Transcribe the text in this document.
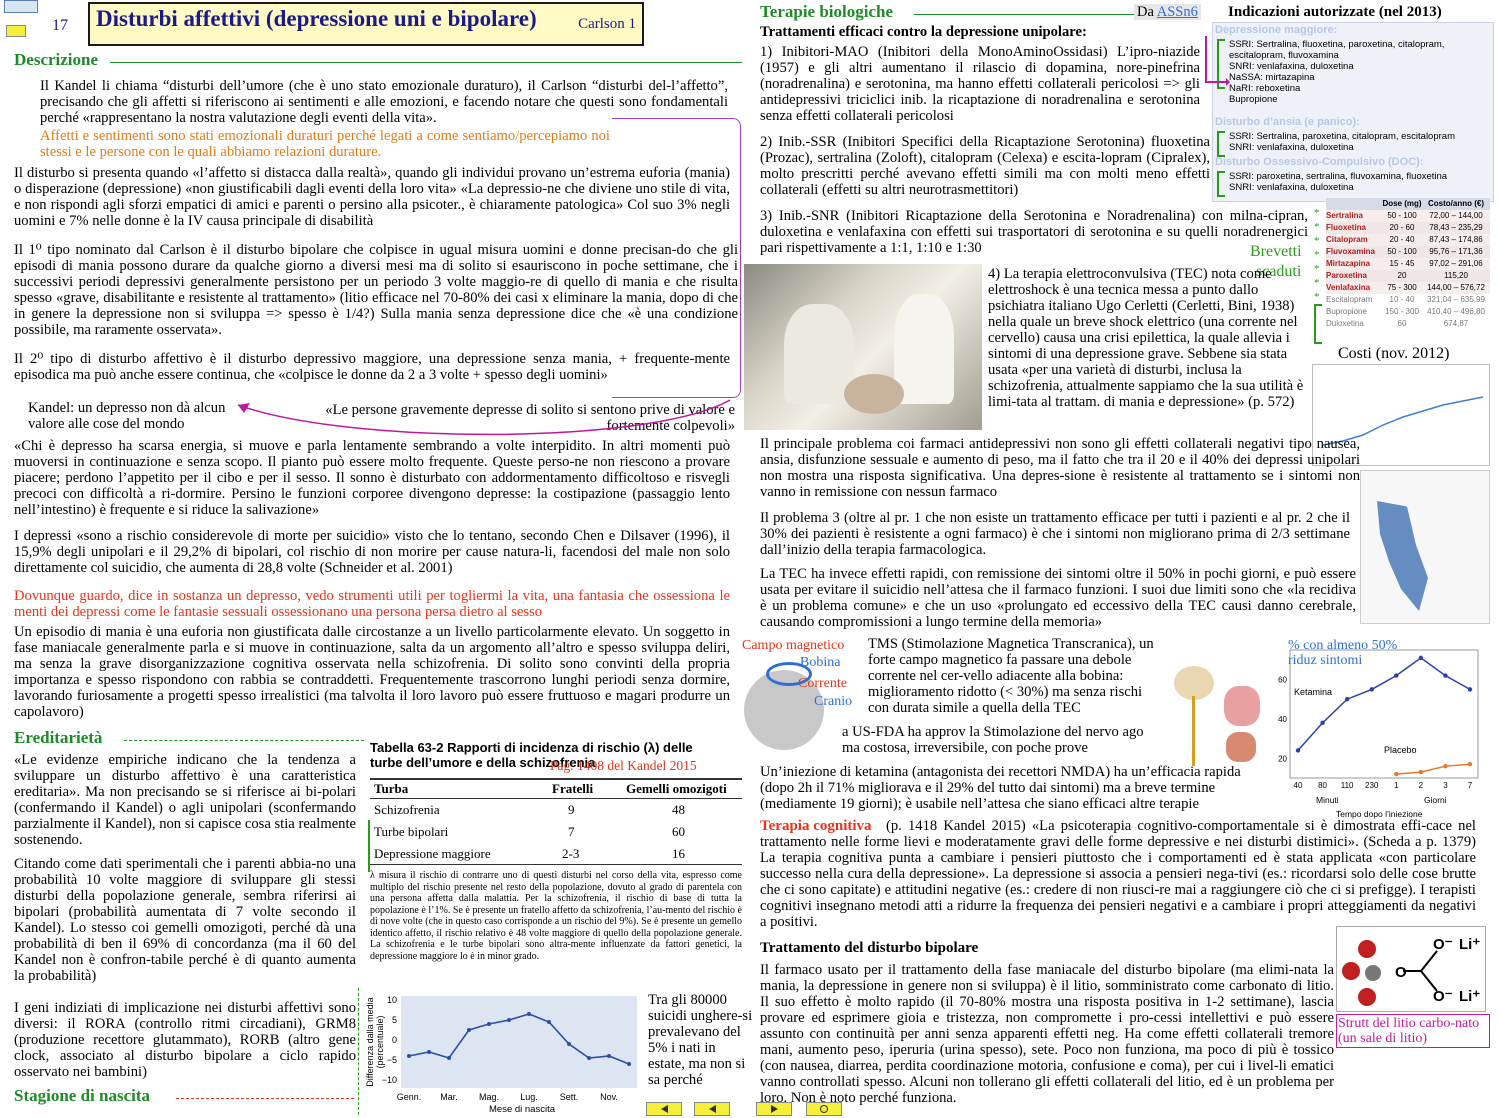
17 Disturbi affettivi (depressione uni e bipolare)	Carlson 1
Descrizione

Il Kandel li chiama “disturbi dell’umore (che è uno stato emozionale duraturo), il Carlson “disturbi del-l’affetto”, precisando che gli affetti si riferiscono ai sentimenti e alle emozioni, e facendo notare che questi sono fondamentali perché «rappresentano la nostra valutazione degli eventi della vita».

Affetti e sentimenti sono stati emozionali duraturi perché legati a come sentiamo/percepiamo noi stessi e le persone con le quali abbiamo relazioni durature.

Il disturbo si presenta quando «l’affetto si distacca dalla realtà», quando gli individui provano un’estrema euforia (mania) o disperazione (depressione) «non giustificabili dagli eventi della loro vita» «La depressio-ne che diviene uno stile di vita, e non rispondi agli sforzi empatici di amici e parenti o persino alla psicoter., è chiaramente patologica» Col suo 3% negli uomini e 7% nelle donne è la IV causa principale di disabilità

Il 1⁰ tipo nominato dal Carlson è il disturbo bipolare che colpisce in ugual misura uomini e donne precisan-do che gli episodi di mania possono durare da qualche giorno a diversi mesi ma di solito si esauriscono in poche settimane, che i successivi periodi depressivi generalmente persistono per un periodo 3 volte maggio-re di quello di mania e che risulta spesso «grave, disabilitante e resistente al trattamento» (litio efficace nel 70-80% dei casi x eliminare la mania, dopo di che in genere la depressione non si sviluppa => spesso è 1/4?) Sulla mania senza depressione dice che «è una condizione possibile, ma raramente osservata».

Il 2⁰ tipo di disturbo affettivo è il disturbo depressivo maggiore, una depressione senza mania, + frequente-mente episodica ma può anche essere continua, che «colpisce le donne da 2 a 3 volte + spesso degli uomini»

Kandel: un depresso non dà alcun valore alle cose del mondo
«Le persone gravemente depresse di solito si sentono prive di valore e fortemente colpevoli»

«Chi è depresso ha scarsa energia, si muove e parla lentamente sembrando a volte interpidito. In altri momenti può muoversi in continuazione e senza scopo. Il pianto può essere molto frequente. Queste perso-ne non riescono a provare piacere; perdono l’appetito per il cibo e per il sesso. Il sonno è disturbato con addormentamento difficoltoso e risvegli precoci con difficoltà a ri-dormire. Persino le funzioni corporee divengono depresse: la costipazione (passaggio lento nell’intestino) è frequente e si riduce la salivazione»

I depressi «sono a rischio considerevole di morte per suicidio» visto che lo tentano, secondo Chen e Dilsaver (1996), il 15,9% degli unipolari e il 29,2% di bipolari, col rischio di non morire per cause natura-li, facendosi del male non solo direttamente col suicidio, che aumenta di 28,8 volte (Schneider et al. 2001)

Dovunque guardo, dice in sostanza un depresso, vedo strumenti utili per togliermi la vita, una fantasia che ossessiona le menti dei depressi come le fantasie sessuali ossessionano una persona persa dietro al sesso

Un episodio di mania è una euforia non giustificata dalle circostanze a un livello particolarmente elevato. Un soggetto in fase maniacale generalmente parla e si muove in continuazione, salta da un argomento all’altro e spesso sviluppa deliri, ma senza la grave disorganizzazione cognitiva osservata nella schizofrenia. Di solito sono convinti della propria importanza e spesso rispondono con rabbia se contraddetti. Frequentemente trascorrono lunghi periodi senza dormire, lavorando furiosamente a progetti spesso irrealistici (ma talvolta il loro lavoro può essere fruttuoso e magari produrre un capolavoro)

Ereditarietà

«Le evidenze empiriche indicano che la tendenza a sviluppare un disturbo affettivo è una caratteristica ereditaria». Ma non precisando se si riferisce ai bi-polari (confermando il Kandel) o agli unipolari (sconfermando parzialmente il Kandel), non si capisce cosa stia realmente sostenendo.

Citando come dati sperimentali che i parenti abbia-no una probabilità 10 volte maggiore di sviluppare gli stessi disturbi della popolazione generale, sembra riferirsi ai bipolari (probabilità aumentata di 7 volte secondo il Kandel). Lo stesso coi gemelli omozigoti, perché dà una probabilità di ben il 69% di concordanza (ma il 60 del Kandel non è confron-tabile perché è di quanto aumenta la probabilità)

I geni indiziati di implicazione nei disturbi affettivi sono diversi: il RORA (controllo ritmi circadiani), GRM8 (produzione recettore glutammato), RORB (altro gene clock, associato al disturbo bipolare a ciclo rapido osservato nei bambini)

Stagione di nascita
Tabella 63-2 Rapporti di incidenza di rischio (λ) delle turbe dell’umore e della schizofrenia
Pag. 1408 del Kandel 2015
Turba	Fratelli	Gemelli omozigoti
Schizofrenia	9	48
Turbe bipolari	7	60
Depressione maggiore	2-3	16
λ misura il rischio di contrarre uno di questi disturbi nel corso della vita, espresso come multiplo del rischio presente nel resto della popolazione, dovuto al grado di parentela con una persona affetta dalla malattia. Per la schizofrenia, il rischio di base di tutta la popolazione è l’1%. Se è presente un fratello affetto da schizofrenia, l’au-mento del rischio è di nove volte (che in questo caso corrisponde a un rischio del 9%). Se è presente un gemello identico affetto, il rischio relativo è 48 volte maggiore di quello della popolazione generale. La schizofrenia e le turbe bipolari sono altra-mente influenzate da fattori genetici, la depressione maggiore lo è in minor grado.
Differenza dalla media (percentuale)
10
5
0
−5
−10
Genn. Mar. Mag. Lug. Sett. Nov.
Mese di nascita

Tra gli 80000 suicidi unghere-si prevalevano del 5% i nati in estate, ma non si sa perché

Terapie biologiche	Da ASSn6 Indicazioni autorizzate (nel 2013)

Trattamenti efficaci contro la depressione unipolare:

1) Inibitori-MAO (Inibitori della MonoAminoOssidasi) L’ipro-niazide (1957) e gli altri aumentano il rilascio di dopamina, nore-pinefrina (noradrenalina) e serotonina, ma hanno effetti collaterali pericolosi => gli antidepressivi triciclici inib. la ricaptazione di noradrenalina e serotonina senza effetti collaterali pericolosi

2) Inib.-SSR (Inibitori Specifici della Ricaptazione Serotonina) fluoxetina (Prozac), sertralina (Zoloft), citalopram (Celexa) e escita-lopram (Cipralex), molto prescritti perché avevano effetti simili ma con molti meno effetti collaterali (effetti su altri neurotrasmettitori)

3) Inib.-SNR (Inibitori Ricaptazione della Serotonina e Noradrenalina) con milna-cipran, duloxetina e venlafaxina con effetti sui trasportatori di serotonina e su quelli noradrenergici pari rispettivamente a 1:1, 1:10 e 1:30

Depressione maggiore:
SSRI: Sertralina, fluoxetina, paroxetina, citalopram, escitalopram, fluvoxamina
SNRI: venlafaxina, duloxetina
NaSSA: mirtazapina
NaRI: reboxetina
Bupropione
Disturbo d’ansia (e panico):
SSRI: Sertralina, paroxetina, citalopram, escitalopram
SNRI: venlafaxina, duloxetina
Disturbo Ossessivo-Compulsivo (DOC):
SSRI: paroxetina, sertralina, fluvoxamina, fluoxetina
SNRI: venlafaxina, duloxetina
Dose (mg) Costo/anno (€)
Sertralina	50 - 100	72,00 – 144,00
Fluoxetina	20 - 60	78,43 – 235,29
Citalopram	20 - 40	87,43 – 174,86
Fluvoxamina	50 - 100	95,76 – 171,36
Mirtazapina	15 - 45	97,02 – 291,06
Paroxetina	20	115,20
Venlafaxina	75 - 300	144,00 – 576,72
Escitalopram	10 - 40	321,04 – 635,99
Bupropione	150 - 300	410,40 – 496,80
Duloxetina	60	674,87
*
*
*
*
*
*
*
Brevetti
scaduti
Costi (nov. 2012)

4) La terapia elettroconvulsiva (TEC) nota come elettroshock è una tecnica messa a punto dallo psichiatra italiano Ugo Cerletti (Cerletti, Bini, 1938) nella quale un breve shock elettrico (una corrente nel cervello) causa una crisi epilettica, la quale allevia i sintomi di una depressione grave. Sebbene sia stata usata «per una varietà di disturbi, inclusa la schizofrenia, attualmente sappiamo che la sua utilità è limi-tata al trattam. di mania e depressione» (p. 572)

Il principale problema coi farmaci antidepressivi non sono gli effetti collaterali negativi tipo nausea, ansia, disfunzione sessuale e aumento di peso, ma il fatto che tra il 20 e il 40% dei depressi unipolari non mostra una risposta significativa. Una depres-sione è resistente al trattamento se i sintomi non vanno in remissione con nessun farmaco

Il problema 3 (oltre al pr. 1 che non esiste un trattamento efficace per tutti i pazienti e al pr. 2 che il 30% dei pazienti è resistente a ogni farmaco) è che i sintomi non migliorano prima di 2/3 settimane dall’inizio della terapia farmacologica.

La TEC ha invece effetti rapidi, con remissione dei sintomi oltre il 50% in pochi giorni, e può essere usata per evitare il suicidio nell’attesa che il farmaco funzioni. I suoi due limiti sono che «la recidiva è un problema comune» e che un uso «prolungato ed eccessivo della TEC causi danno cerebrale, causando compromissioni a lungo termine della memoria»

Campo magnetico
Bobina
Corrente
Cranio

TMS (Stimolazione Magnetica Transcranica), un forte campo magnetico fa passare una debole corrente nel cer-vello adiacente alla bobina: miglioramento ridotto (< 30%) ma senza rischi con durata simile a quella della TEC

a US-FDA ha approv la Stimolazione del nervo ago ma costosa, irreversibile, con poche prove

60
40
20
40 80 110 230 1	2	3	7
% con almeno 50% riduz sintomi
Ketamina
Placebo
Minuti	Giorni
Tempo dopo l’iniezione

Un’iniezione di ketamina (antagonista dei recettori NMDA) ha un’efficacia rapida (dopo 2h il 71% migliorava e il 29% del tutto dai sintomi) ma a breve termine (mediamente 19 giorni); è usabile nell’attesa che siano efficaci altre terapie

Terapia cognitiva (p. 1418 Kandel 2015) «La psicoterapia cognitivo-comportamentale si è dimostrata effi-cace nel trattamento nelle forme lievi e moderatamente gravi delle forme depressive e nei disturbi distimici». (Scheda a p. 1379) La terapia cognitiva punta a cambiare i pensieri piuttosto che i comportamenti ed è stata applicata «con particolare successo nella cura della depressione». La depressione si associa a pensieri nega-tivi (es.: ricordarsi solo delle cose brutte che ci sono capitate) e attitudini negative (es.: credere di non riusci-re mai a raggiungere ciò che ci si prefigge). I terapisti cognitivi insegnano metodi atti a ridurre la frequenza dei pensieri negativi e a cambiare i propri atteggiamenti da negativi a positivi.

Trattamento del disturbo bipolare

Il farmaco usato per il trattamento della fase maniacale del disturbo bipolare (ma elimi-nata la mania, la depressione in genere non si sviluppa) è il litio, somministrato come carbonato di litio. Il suo effetto è molto rapido (il 70-80% mostra una risposta positiva in 1-2 settimane), lascia provare ed esprimere gioia e tristezza, non compromette i pro-cessi intellettivi e può essere assunto con continuità per anni senza apparenti effetti neg. Ha come effetti collaterali tremore mani, aumento peso, iperuria (urina spesso), sete. Poco non funziona, ma poco di più è tossico (con nausea, diarrea, perdita coordinazione motoria, confusione e coma), per cui i livel-li ematici vanno controllati spesso. Alcuni non tollerano gli effetti collaterali del litio, ed è un problema per loro. Non è noto perché funziona.

O
O⁻
O⁻
Li⁺
Li⁺
Strutt del litio carbo-nato (un sale di litio)
